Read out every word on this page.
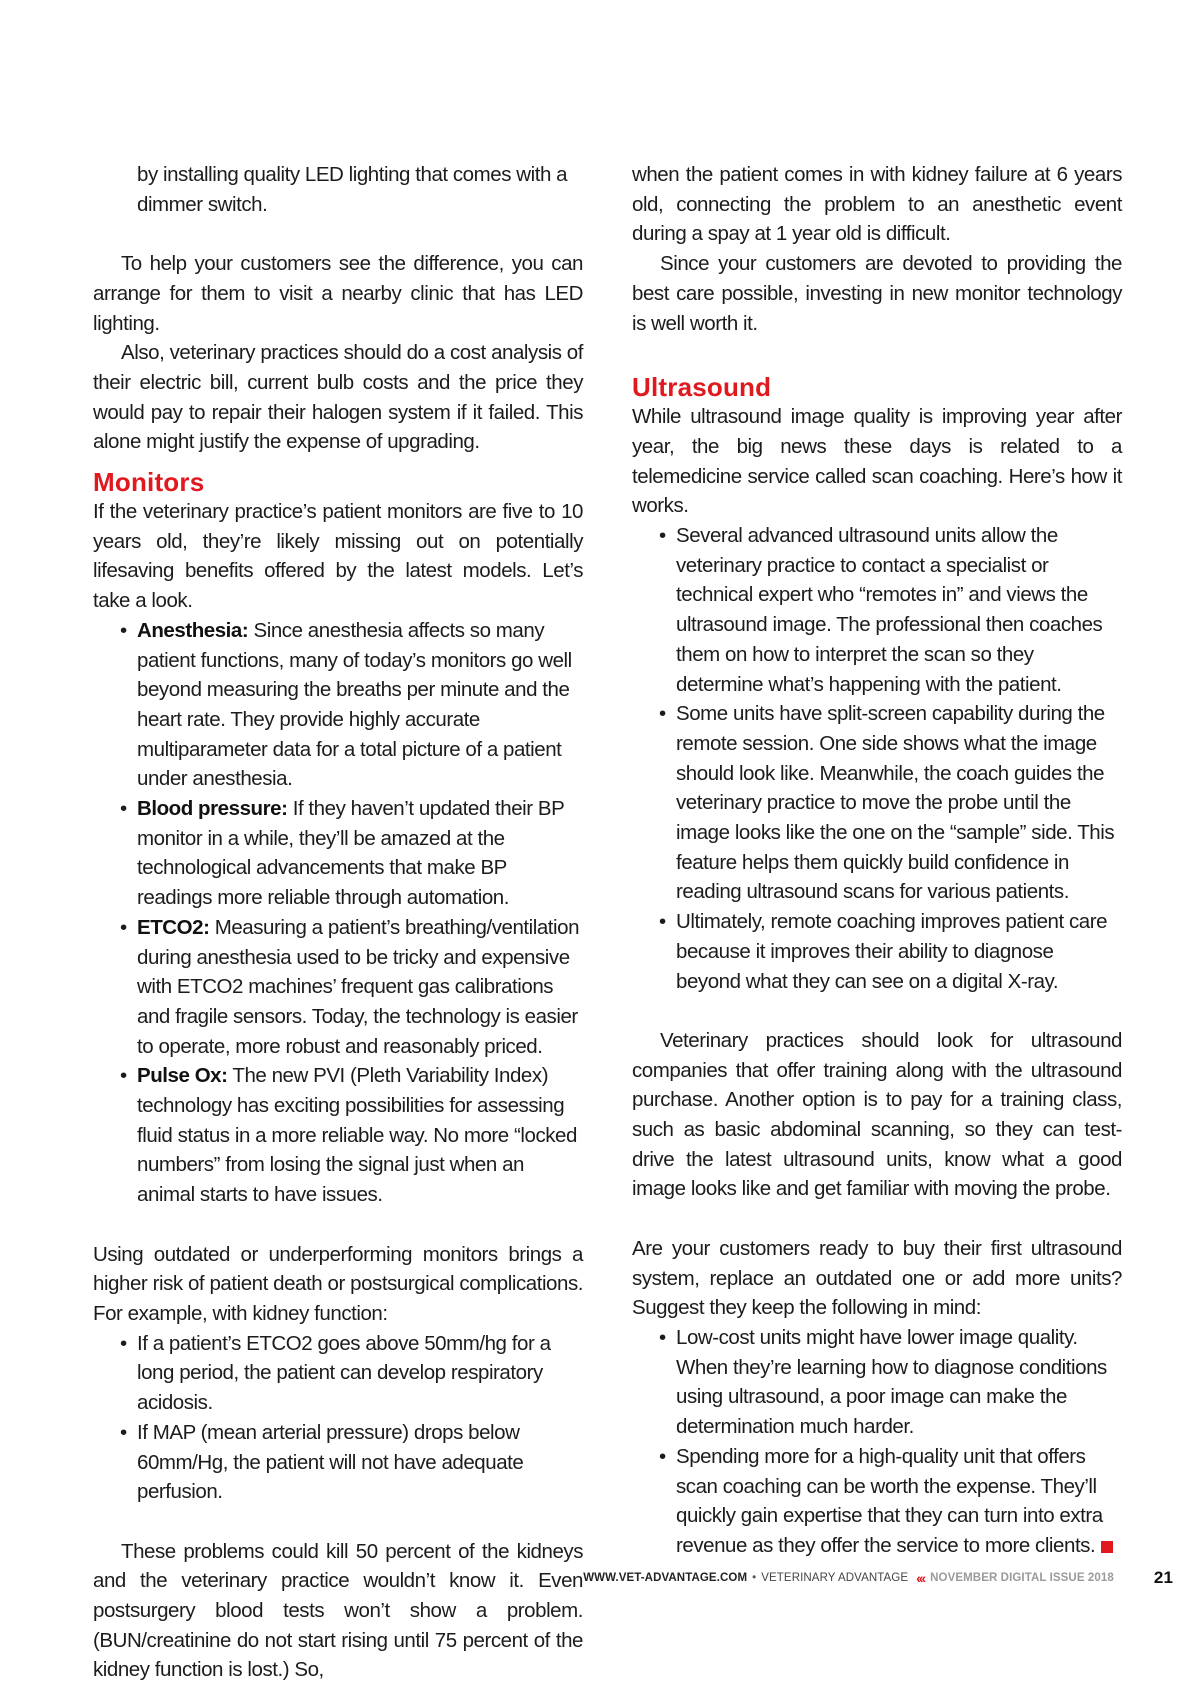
by installing quality LED lighting that comes with a dimmer switch.

To help your customers see the difference, you can arrange for them to visit a nearby clinic that has LED lighting.

Also, veterinary practices should do a cost analysis of their electric bill, current bulb costs and the price they would pay to repair their halogen system if it failed. This alone might justify the expense of upgrading.

Monitors

If the veterinary practice’s patient monitors are five to 10 years old, they’re likely missing out on potentially lifesaving benefits offered by the latest models. Let’s take a look.

• Anesthesia: Since anesthesia affects so many patient functions, many of today’s monitors go well beyond measuring the breaths per minute and the heart rate. They provide highly accurate multiparameter data for a total picture of a patient under anesthesia.
• Blood pressure: If they haven’t updated their BP monitor in a while, they’ll be amazed at the technological advancements that make BP readings more reliable through automation.
• ETCO2: Measuring a patient’s breathing/ventilation during anesthesia used to be tricky and expensive with ETCO2 machines’ frequent gas calibrations and fragile sensors. Today, the technology is easier to operate, more robust and reasonably priced.
• Pulse Ox: The new PVI (Pleth Variability Index) technology has exciting possibilities for assessing fluid status in a more reliable way. No more “locked numbers” from losing the signal just when an animal starts to have issues.

Using outdated or underperforming monitors brings a higher risk of patient death or postsurgical complications. For example, with kidney function:

• If a patient’s ETCO2 goes above 50mm/hg for a long period, the patient can develop respiratory acidosis.
• If MAP (mean arterial pressure) drops below 60mm/Hg, the patient will not have adequate perfusion.

These problems could kill 50 percent of the kidneys and the veterinary practice wouldn’t know it. Even postsurgery blood tests won’t show a problem. (BUN/creatinine do not start rising until 75 percent of the kidney function is lost.) So,

when the patient comes in with kidney failure at 6 years old, connecting the problem to an anesthetic event during a spay at 1 year old is difficult.

Since your customers are devoted to providing the best care possible, investing in new monitor technology is well worth it.

Ultrasound

While ultrasound image quality is improving year after year, the big news these days is related to a telemedicine service called scan coaching. Here’s how it works.

• Several advanced ultrasound units allow the veterinary practice to contact a specialist or technical expert who “remotes in” and views the ultrasound image. The professional then coaches them on how to interpret the scan so they determine what’s happening with the patient.
• Some units have split-screen capability during the remote session. One side shows what the image should look like. Meanwhile, the coach guides the veterinary practice to move the probe until the image looks like the one on the “sample” side. This feature helps them quickly build confidence in reading ultrasound scans for various patients.
• Ultimately, remote coaching improves patient care because it improves their ability to diagnose beyond what they can see on a digital X-ray.

Veterinary practices should look for ultrasound companies that offer training along with the ultrasound purchase. Another option is to pay for a training class, such as basic abdominal scanning, so they can test-drive the latest ultrasound units, know what a good image looks like and get familiar with moving the probe.

Are your customers ready to buy their first ultrasound system, replace an outdated one or add more units? Suggest they keep the following in mind:

• Low-cost units might have lower image quality. When they’re learning how to diagnose conditions using ultrasound, a poor image can make the determination much harder.
• Spending more for a high-quality unit that offers scan coaching can be worth the expense. They’ll quickly gain expertise that they can turn into extra revenue as they offer the service to more clients.
WWW.VET-ADVANTAGE.COM • VETERINARY ADVANTAGE ‹‹‹ NOVEMBER DIGITAL ISSUE 2018 21
